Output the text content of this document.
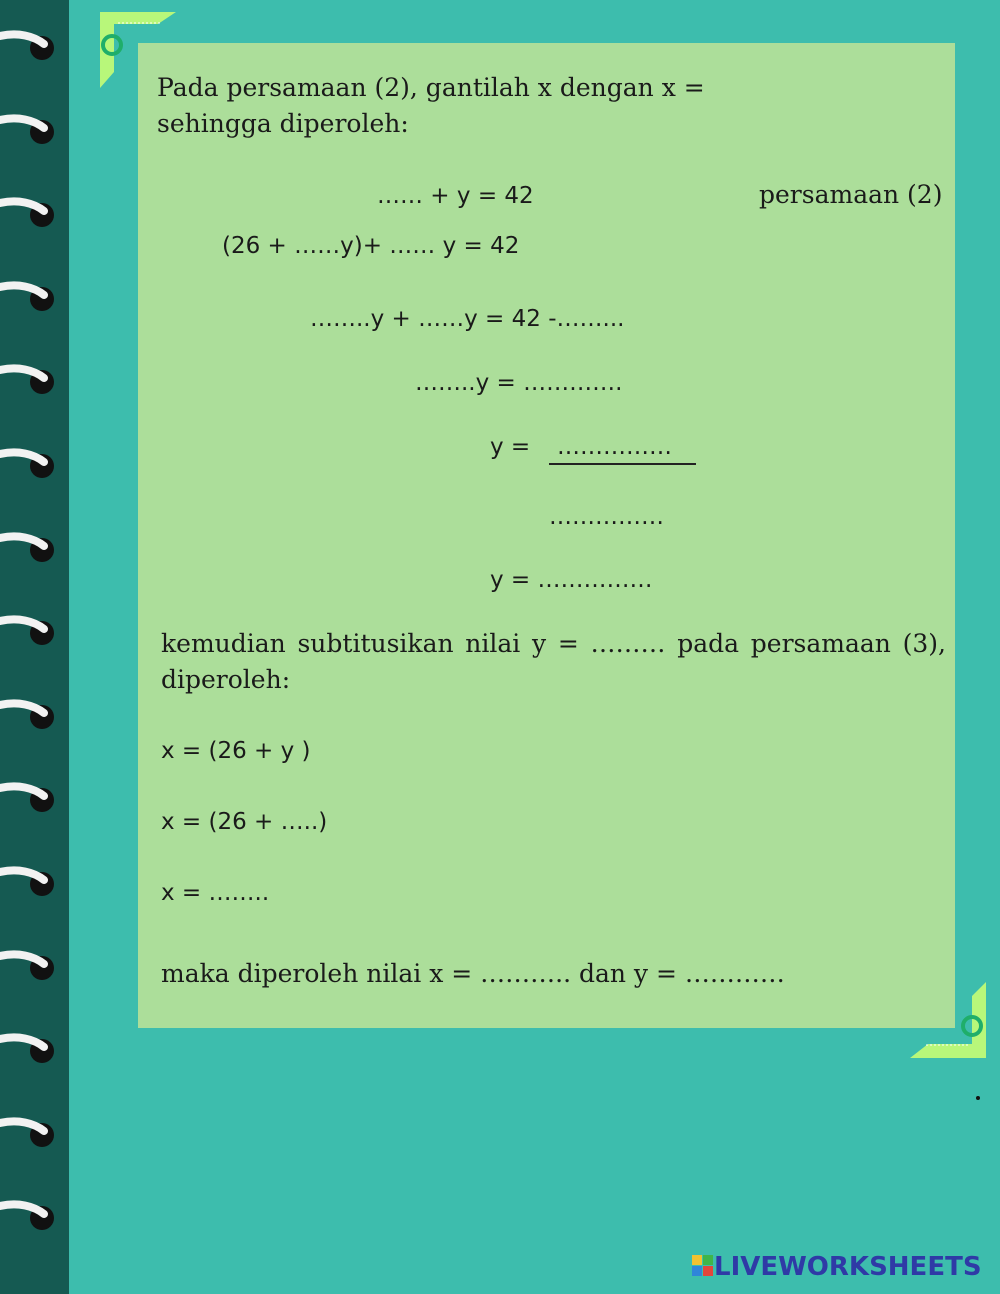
Pada persamaan (2), gantilah x dengan x =
sehingga diperoleh:
…… + y = 42	persamaan (2)
(26 + ……y)+ …… y = 42
……..y + ……y = 42 -……...
……..y = ………….
y = ……………
……………
y = ……………
kemudian subtitusikan nilai y = ……… pada persamaan (3),
diperoleh:
x = (26 + y )
x = (26 + …..)
x = ……..
maka diperoleh nilai x = ……….. dan y = …………

LIVEWORKSHEETS
